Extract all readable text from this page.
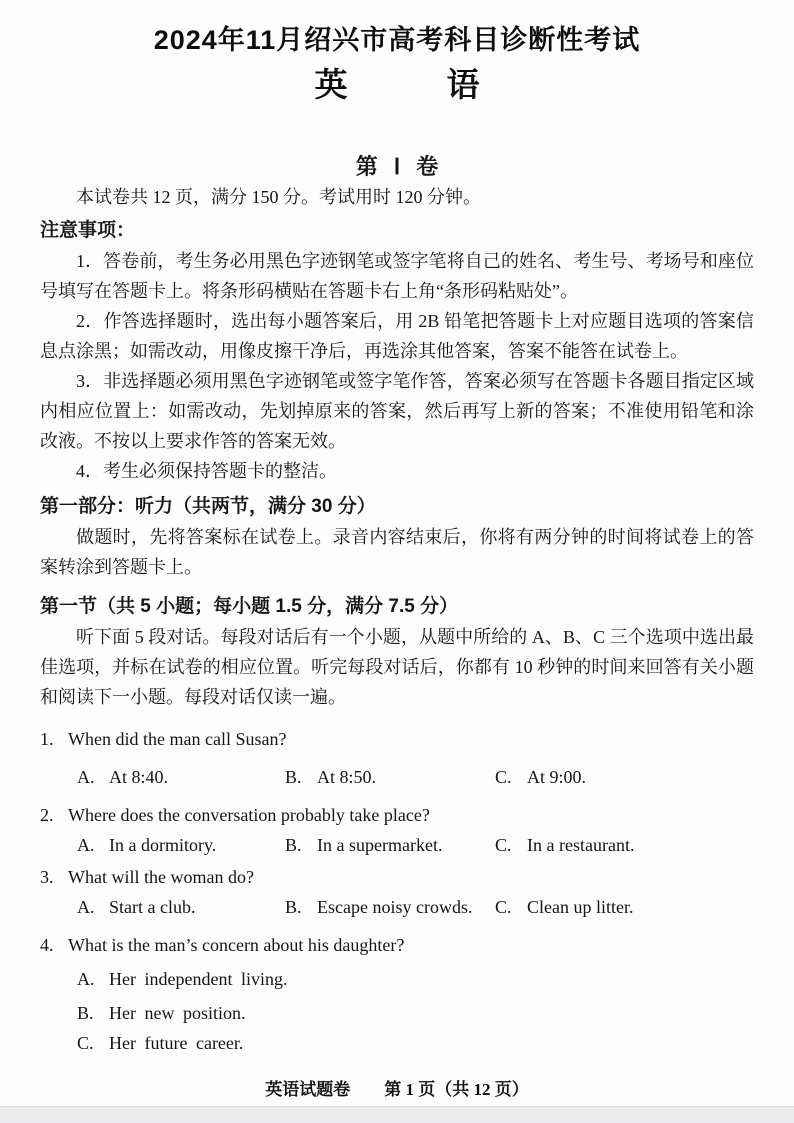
2024年11月绍兴市高考科目诊断性考试
英	语
第Ⅰ卷

本试卷共 12 页，满分 150 分。考试用时 120 分钟。

注意事项：

1．答卷前，考生务必用黑色字迹钢笔或签字笔将自己的姓名、考生号、考场号和座位号填写在答题卡上。将条形码横贴在答题卡右上角“条形码粘贴处”。

2．作答选择题时，选出每小题答案后，用 2B 铅笔把答题卡上对应题目选项的答案信息点涂黑；如需改动，用像皮擦干净后，再选涂其他答案，答案不能答在试卷上。

3．非选择题必须用黑色字迹钢笔或签字笔作答，答案必须写在答题卡各题目指定区域内相应位置上：如需改动，先划掉原来的答案，然后再写上新的答案；不准使用铅笔和涂改液。不按以上要求作答的答案无效。

4．考生必须保持答题卡的整洁。

第一部分：听力（共两节，满分 30 分）

做题时，先将答案标在试卷上。录音内容结束后，你将有两分钟的时间将试卷上的答案转涂到答题卡上。

第一节（共 5 小题；每小题 1.5 分，满分 7.5 分）

听下面 5 段对话。每段对话后有一个小题，从题中所给的 A、B、C 三个选项中选出最佳选项，并标在试卷的相应位置。听完每段对话后，你都有 10 秒钟的时间来回答有关小题和阅读下一小题。每段对话仅读一遍。

1. When did the man call Susan?
A. At 8:40.	B. At 8:50.	C. At 9:00.
2. Where does the conversation probably take place?
A. In a dormitory.	B. In a supermarket.	C. In a restaurant.
3. What will the woman do?
A. Start a club.	B. Escape noisy crowds.	C. Clean up litter.
4. What is the man’s concern about his daughter?
A. Her independent living.
B. Her new position.
C. Her future career.
英语试题卷 第 1 页（共 12 页）
